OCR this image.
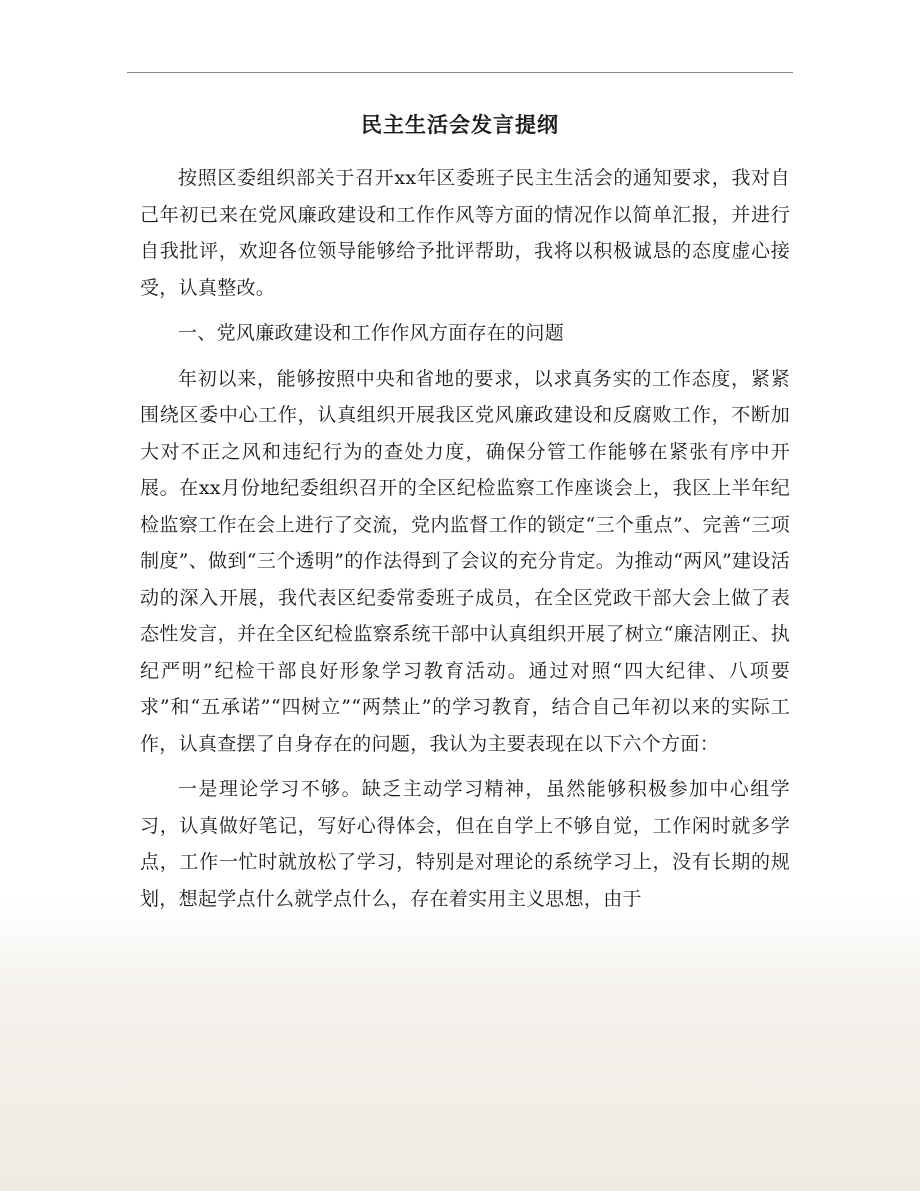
民主生活会发言提纲

按照区委组织部关于召开xx年区委班子民主生活会的通知要求，我对自己年初已来在党风廉政建设和工作作风等方面的情况作以简单汇报，并进行自我批评，欢迎各位领导能够给予批评帮助，我将以积极诚恳的态度虚心接受，认真整改。

一、党风廉政建设和工作作风方面存在的问题

年初以来，能够按照中央和省地的要求，以求真务实的工作态度，紧紧围绕区委中心工作，认真组织开展我区党风廉政建设和反腐败工作，不断加大对不正之风和违纪行为的查处力度，确保分管工作能够在紧张有序中开展。在xx月份地纪委组织召开的全区纪检监察工作座谈会上，我区上半年纪检监察工作在会上进行了交流，党内监督工作的锁定“三个重点”、完善“三项制度”、做到“三个透明”的作法得到了会议的充分肯定。为推动“两风”建设活动的深入开展，我代表区纪委常委班子成员，在全区党政干部大会上做了表态性发言，并在全区纪检监察系统干部中认真组织开展了树立“廉洁刚正、执纪严明”纪检干部良好形象学习教育活动。通过对照“四大纪律、八项要求”和“五承诺”“四树立”“两禁止”的学习教育，结合自己年初以来的实际工作，认真查摆了自身存在的问题，我认为主要表现在以下六个方面：

一是理论学习不够。缺乏主动学习精神，虽然能够积极参加中心组学习，认真做好笔记，写好心得体会，但在自学上不够自觉，工作闲时就多学点，工作一忙时就放松了学习，特别是对理论的系统学习上，没有长期的规划，想起学点什么就学点什么，存在着实用主义思想，由于
